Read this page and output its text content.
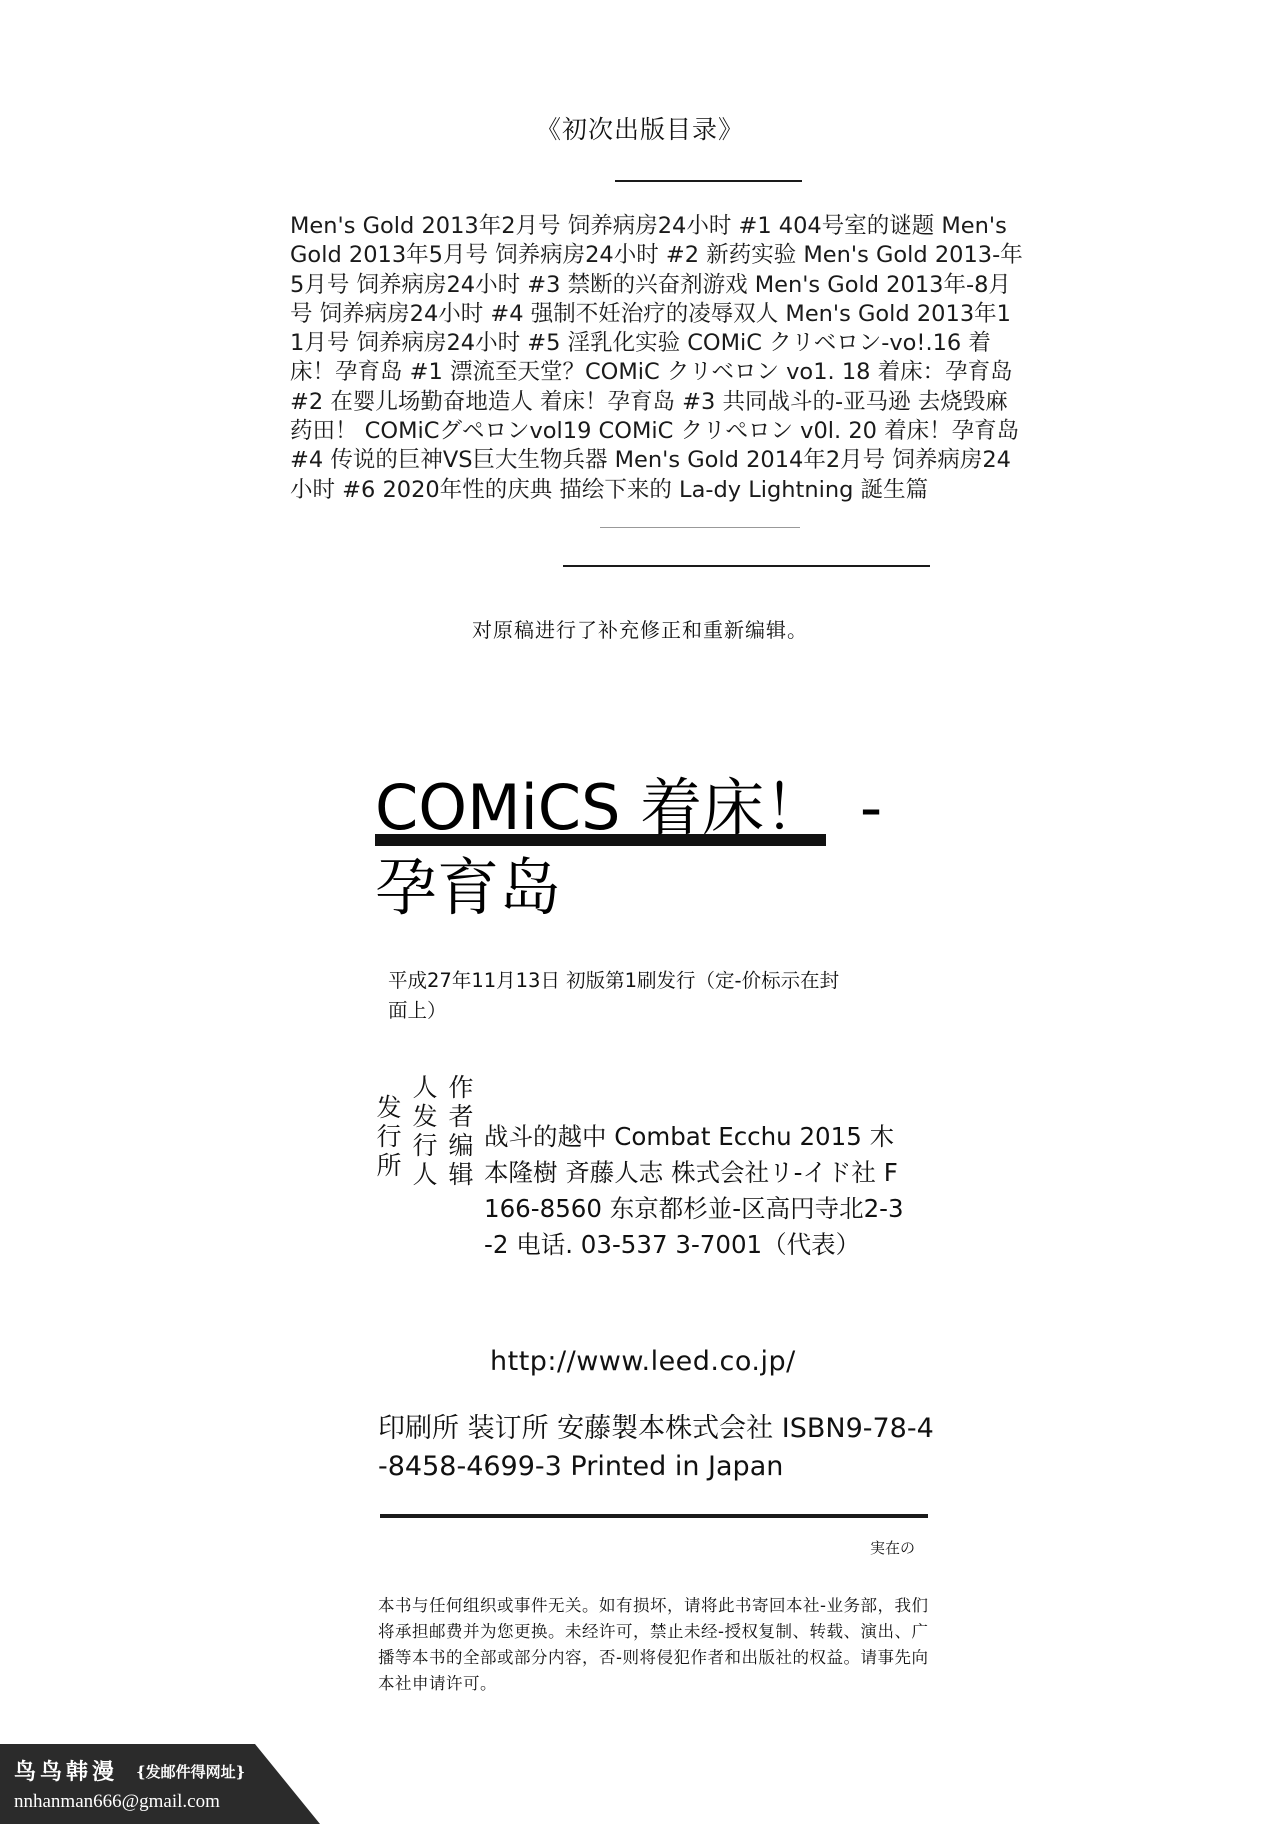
《初次出版目录》
Men's Gold 2013年2月号 饲养病房24小时 #1 404号室的谜题 Men's Gold 2013年5月号 饲养病房24小时 #2 新药实验 Men's Gold 2013-年5月号 饲养病房24小时 #3 禁断的兴奋剂游戏 Men's Gold 2013年-8月号 饲养病房24小时 #4 强制不妊治疗的凌辱双人 Men's Gold 2013年11月号 饲养病房24小时 #5 淫乳化实验 COMiC クリベロン-vo!.16 着床！孕育岛 #1 漂流至天堂？COMiC クリベロン vo1. 18 着床：孕育岛 #2 在婴儿场勤奋地造人 着床！孕育岛 #3 共同战斗的-亚马逊 去烧毁麻药田！ COMiCグペロンvol19 COMiC クリぺロン v0l. 20 着床！孕育岛 #4 传说的巨神VS巨大生物兵器 Men's Gold 2014年2月号 饲养病房24小时 #6 2020年性的庆典 描绘下来的 La-dy Lightning 誕生篇
对原稿进行了补充修正和重新编辑。
COMiCS 着床！ -
孕育岛
平成27年11月13日 初版第1刷发行（定-价标示在封面上）
作者编辑
人发行人
发行所	战斗的越中 Combat Ecchu 2015 木本隆樹 斉藤人志 株式会社リ-イド社 F166-8560 东京都杉並-区高円寺北2-3-2 电话. 03-537 3-7001（代表）
http://www.leed.co.jp/
印刷所 装订所 安藤製本株式会社 ISBN9-78-4-8458-4699-3 Printed in Japan
実在の
本书与任何组织或事件无关。如有损坏，请将此书寄回本社-业务部，我们将承担邮费并为您更换。未经许可，禁止未经-授权复制、转载、演出、广播等本书的全部或部分内容，否-则将侵犯作者和出版社的权益。请事先向本社申请许可。
鸟鸟韩漫 {发邮件得网址}
nnhanman666@gmail.com
